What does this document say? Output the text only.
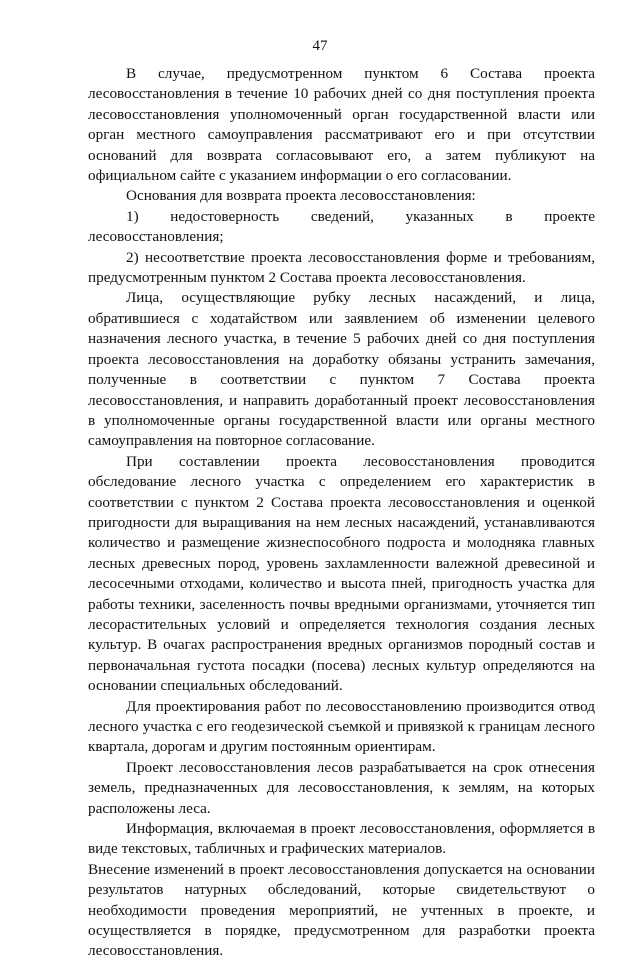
47

В случае, предусмотренном пунктом 6 Состава проекта лесовосстановления в течение 10 рабочих дней со дня поступления проекта лесовосстановления уполномоченный орган государственной власти или орган местного самоуправления рассматривают его и при отсутствии оснований для возврата согласовывают его, а затем публикуют на официальном сайте с указанием информации о его согласовании.

Основания для возврата проекта лесовосстановления:

1) недостоверность сведений, указанных в проекте лесовосстановления;

2) несоответствие проекта лесовосстановления форме и требованиям, предусмотренным пунктом 2 Состава проекта лесовосстановления.

Лица, осуществляющие рубку лесных насаждений, и лица, обратившиеся с ходатайством или заявлением об изменении целевого назначения лесного участка, в течение 5 рабочих дней со дня поступления проекта лесовосстановления на доработку обязаны устранить замечания, полученные в соответствии с пунктом 7 Состава проекта лесовосстановления, и направить доработанный проект лесовосстановления в уполномоченные органы государственной власти или органы местного самоуправления на повторное согласование.

При составлении проекта лесовосстановления проводится обследование лесного участка с определением его характеристик в соответствии с пунктом 2 Состава проекта лесовосстановления и оценкой пригодности для выращивания на нем лесных насаждений, устанавливаются количество и размещение жизнеспособного подроста и молодняка главных лесных древесных пород, уровень захламленности валежной древесиной и лесосечными отходами, количество и высота пней, пригодность участка для работы техники, заселенность почвы вредными организмами, уточняется тип лесорастительных условий и определяется технология создания лесных культур. В очагах распространения вредных организмов породный состав и первоначальная густота посадки (посева) лесных культур определяются на основании специальных обследований.

Для проектирования работ по лесовосстановлению производится отвод лесного участка с его геодезической съемкой и привязкой к границам лесного квартала, дорогам и другим постоянным ориентирам.

Проект лесовосстановления лесов разрабатывается на срок отнесения земель, предназначенных для лесовосстановления, к землям, на которых расположены леса.

Информация, включаемая в проект лесовосстановления, оформляется в виде текстовых, табличных и графических материалов.

Внесение изменений в проект лесовосстановления допускается на основании результатов натурных обследований, которые свидетельствуют о необходимости проведения мероприятий, не учтенных в проекте, и осуществляется в порядке, предусмотренном для разработки проекта лесовосстановления.
